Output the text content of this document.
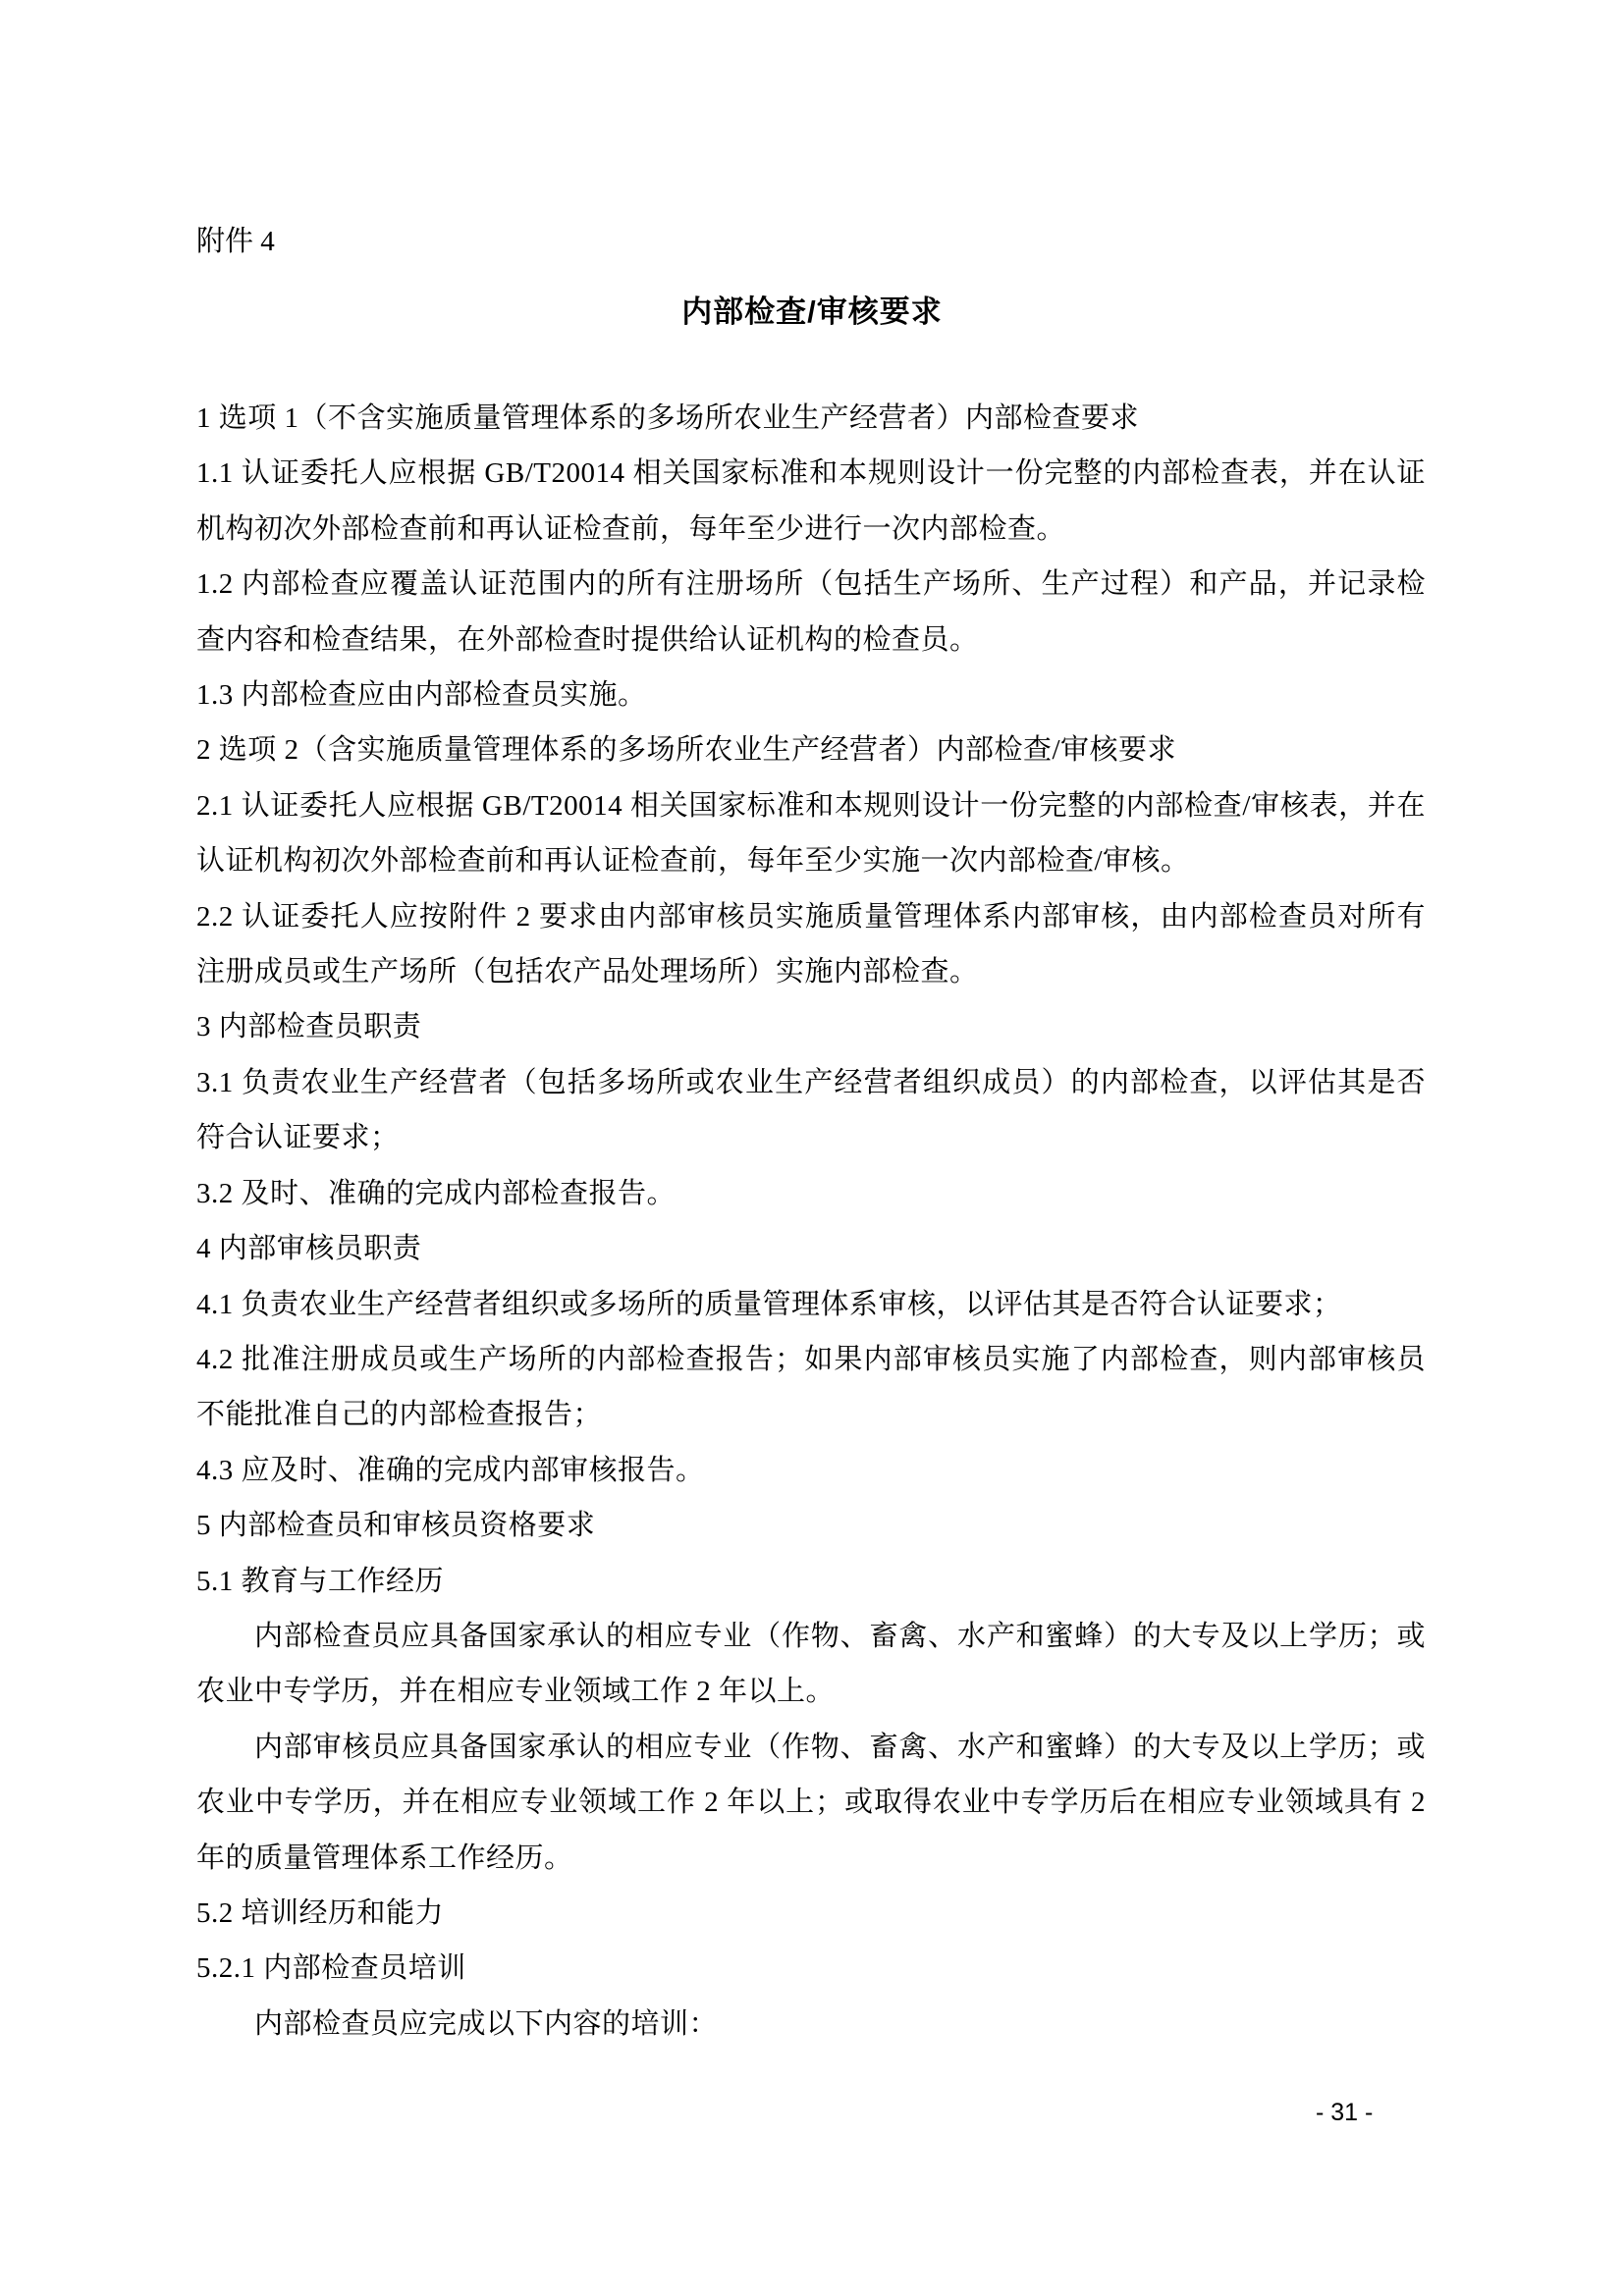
附件 4
内部检查/审核要求

1 选项 1（不含实施质量管理体系的多场所农业生产经营者）内部检查要求

1.1 认证委托人应根据 GB/T20014 相关国家标准和本规则设计一份完整的内部检查表，并在认证机构初次外部检查前和再认证检查前，每年至少进行一次内部检查。

1.2 内部检查应覆盖认证范围内的所有注册场所（包括生产场所、生产过程）和产品，并记录检查内容和检查结果，在外部检查时提供给认证机构的检查员。

1.3 内部检查应由内部检查员实施。

2 选项 2（含实施质量管理体系的多场所农业生产经营者）内部检查/审核要求

2.1 认证委托人应根据 GB/T20014 相关国家标准和本规则设计一份完整的内部检查/审核表，并在认证机构初次外部检查前和再认证检查前，每年至少实施一次内部检查/审核。

2.2 认证委托人应按附件 2 要求由内部审核员实施质量管理体系内部审核，由内部检查员对所有注册成员或生产场所（包括农产品处理场所）实施内部检查。

3 内部检查员职责

3.1 负责农业生产经营者（包括多场所或农业生产经营者组织成员）的内部检查，以评估其是否符合认证要求；

3.2 及时、准确的完成内部检查报告。

4 内部审核员职责

4.1 负责农业生产经营者组织或多场所的质量管理体系审核，以评估其是否符合认证要求；

4.2 批准注册成员或生产场所的内部检查报告；如果内部审核员实施了内部检查，则内部审核员不能批准自己的内部检查报告；

4.3 应及时、准确的完成内部审核报告。

5 内部检查员和审核员资格要求

5.1 教育与工作经历

内部检查员应具备国家承认的相应专业（作物、畜禽、水产和蜜蜂）的大专及以上学历；或农业中专学历，并在相应专业领域工作 2 年以上。

内部审核员应具备国家承认的相应专业（作物、畜禽、水产和蜜蜂）的大专及以上学历；或农业中专学历，并在相应专业领域工作 2 年以上；或取得农业中专学历后在相应专业领域具有 2 年的质量管理体系工作经历。

5.2 培训经历和能力

5.2.1 内部检查员培训

内部检查员应完成以下内容的培训：

- 31 -
